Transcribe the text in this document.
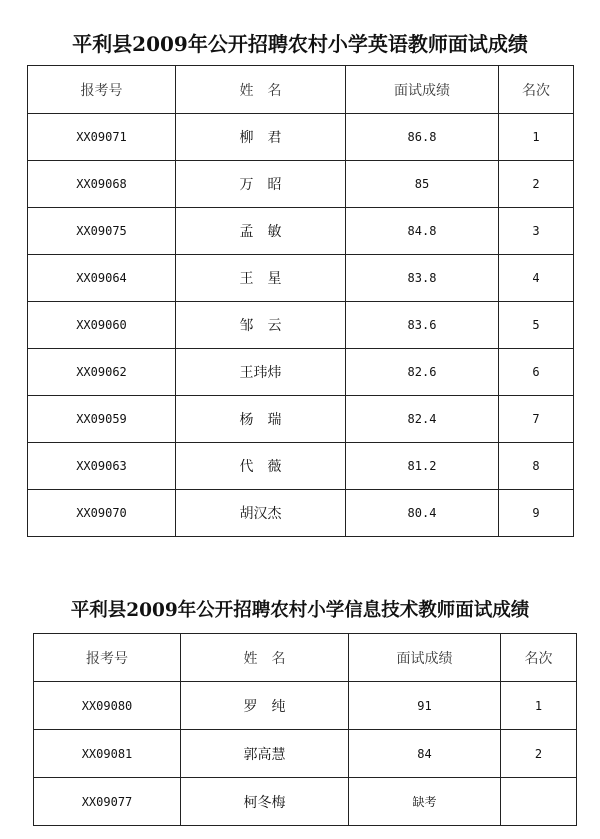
平利县2009年公开招聘农村小学英语教师面试成绩
报考号	姓　名	面试成绩	名次
XX09071	柳　君	86.8	1
XX09068	万　昭	85	2
XX09075	孟　敏	84.8	3
XX09064	王　星	83.8	4
XX09060	邹　云	83.6	5
XX09062	王玮炜	82.6	6
XX09059	杨　瑞	82.4	7
XX09063	代　薇	81.2	8
XX09070	胡汉杰	80.4	9
平利县2009年公开招聘农村小学信息技术教师面试成绩
报考号	姓　名	面试成绩	名次
XX09080	罗　纯	91	1
XX09081	郭高慧	84	2
XX09077	柯冬梅	缺考	
